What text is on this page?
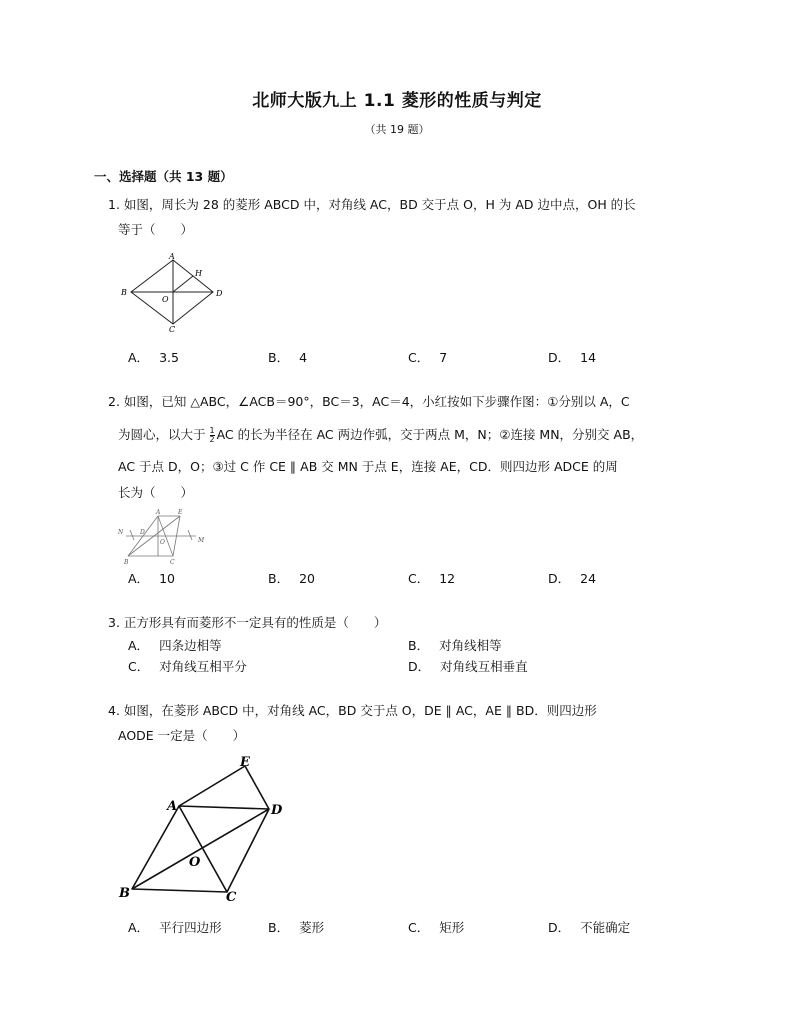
北师大版九上 1.1 菱形的性质与判定
（共 19 题）
一、选择题（共 13 题）
1. 如图，周长为 28 的菱形 ABCD 中，对角线 AC，BD 交于点 O，H 为 AD 边中点，OH 的长
等于（　　）
A
H
B	D
O
C
A． 3.5	B． 4	C． 7	D． 14
2. 如图，已知 △ABC，∠ACB＝90°，BC＝3，AC＝4，小红按如下步骤作图：①分别以 A，C
为圆心，以大于 $\frac{1}{2}$ AC 的长为半径在 AC 两边作弧，交于两点 M，N；②连接 MN，分别交 AB，
AC 于点 D，O；③过 C 作 CE ∥ AB 交 MN 于点 E，连接 AE，CD．则四边形 ADCE 的周
长为（　　）
N	D
A	E
M
O
B	C
A． 10	B． 20	C． 12	D． 24
3. 正方形具有而菱形不一定具有的性质是（　　）
A． 四条边相等	B． 对角线相等
C． 对角线互相平分	D． 对角线互相垂直
4. 如图，在菱形 ABCD 中，对角线 AC，BD 交于点 O，DE ∥ AC，AE ∥ BD．则四边形
AODE 一定是（　　）
E
A	D
O
B	C
A． 平行四边形	B． 菱形	C． 矩形	D． 不能确定
